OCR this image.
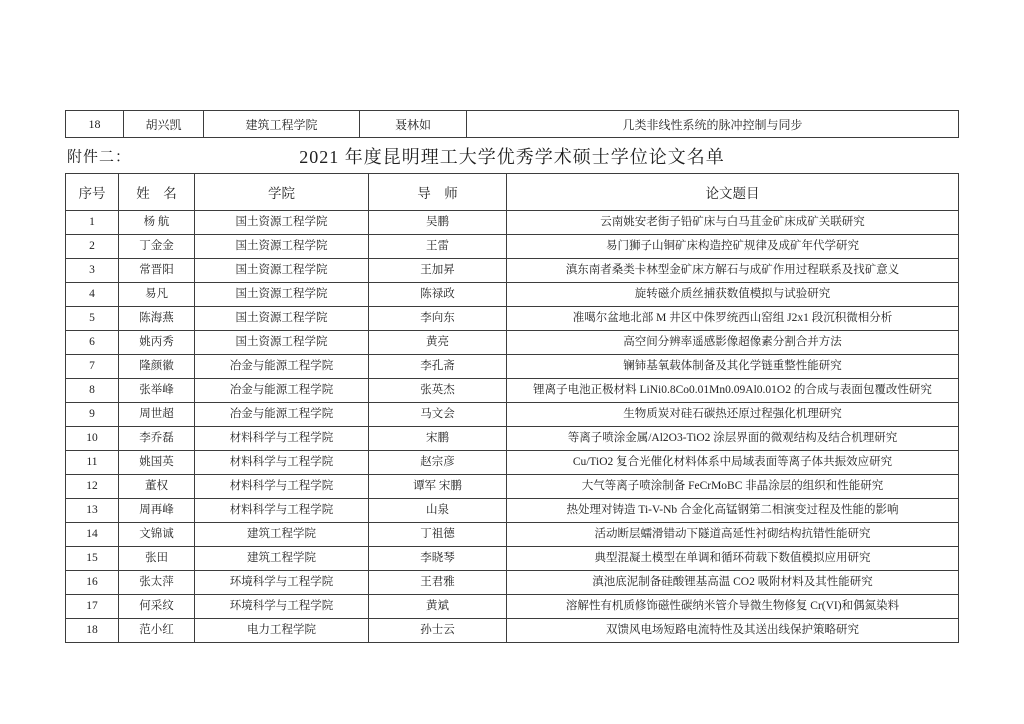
18	胡兴凯	建筑工程学院	聂林如	几类非线性系统的脉冲控制与同步
附件二：	2021 年度昆明理工大学优秀学术硕士学位论文名单
序号	姓　名	学院	导　师	论文题目
1	杨 航	国土资源工程学院	吴鹏	云南姚安老街子铅矿床与白马苴金矿床成矿关联研究
2	丁金金	国土资源工程学院	王雷	易门狮子山铜矿床构造控矿规律及成矿年代学研究
3	常晋阳	国土资源工程学院	王加昇	滇东南者桑类卡林型金矿床方解石与成矿作用过程联系及找矿意义
4	易凡	国土资源工程学院	陈禄政	旋转磁介质丝捕获数值模拟与试验研究
5	陈海燕	国土资源工程学院	李向东	准噶尔盆地北部 M 井区中侏罗统西山窑组 J2x1 段沉积微相分析
6	姚丙秀	国土资源工程学院	黄亮	高空间分辨率遥感影像超像素分割合并方法
7	隆颜徽	冶金与能源工程学院	李孔斋	镧铈基氧载体制备及其化学链重整性能研究
8	张举峰	冶金与能源工程学院	张英杰	锂离子电池正极材料 LiNi0.8Co0.01Mn0.09Al0.01O2 的合成与表面包覆改性研究
9	周世超	冶金与能源工程学院	马文会	生物质炭对硅石碳热还原过程强化机理研究
10	李乔磊	材料科学与工程学院	宋鹏	等离子喷涂金属/Al2O3-TiO2 涂层界面的微观结构及结合机理研究
11	姚国英	材料科学与工程学院	赵宗彦	Cu/TiO2 复合光催化材料体系中局域表面等离子体共振效应研究
12	董权	材料科学与工程学院	谭军 宋鹏	大气等离子喷涂制备 FeCrMoBC 非晶涂层的组织和性能研究
13	周再峰	材料科学与工程学院	山泉	热处理对铸造 Ti-V-Nb 合金化高锰钢第二相演变过程及性能的影响
14	文锦诚	建筑工程学院	丁祖德	活动断层蠕滑错动下隧道高延性衬砌结构抗错性能研究
15	张田	建筑工程学院	李晓琴	典型混凝土模型在单调和循环荷载下数值模拟应用研究
16	张太萍	环境科学与工程学院	王君雅	滇池底泥制备硅酸锂基高温 CO2 吸附材料及其性能研究
17	何采纹	环境科学与工程学院	黄斌	溶解性有机质修饰磁性碳纳米管介导微生物修复 Cr(VI)和偶氮染料
18	范小红	电力工程学院	孙士云	双馈风电场短路电流特性及其送出线保护策略研究
